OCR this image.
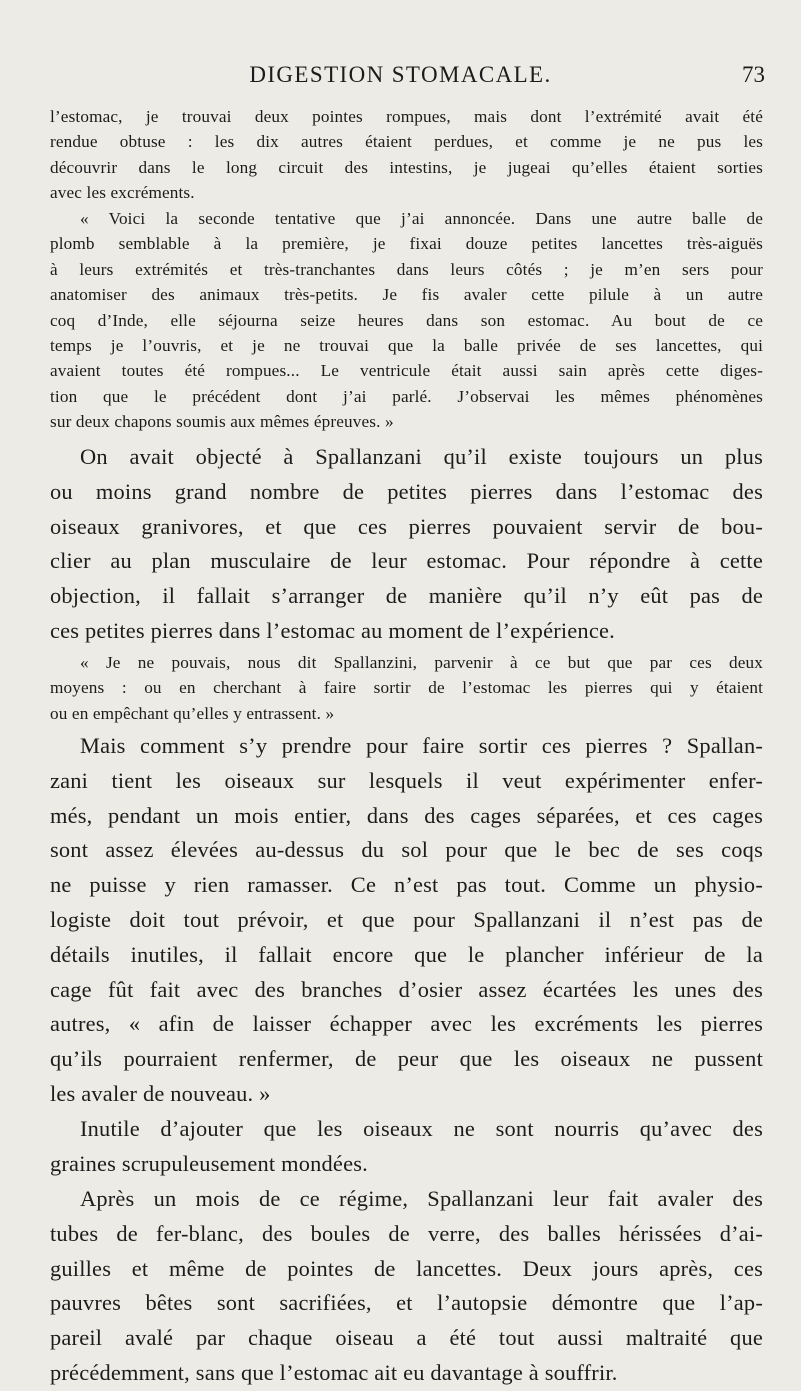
DIGESTION STOMACALE.	73
l’estomac, je trouvai deux pointes rompues, mais dont l’extrémité avait été
rendue obtuse : les dix autres étaient perdues, et comme je ne pus les
découvrir dans le long circuit des intestins, je jugeai qu’elles étaient sorties
avec les excréments.
« Voici la seconde tentative que j’ai annoncée. Dans une autre balle de
plomb semblable à la première, je fixai douze petites lancettes très-aiguës
à leurs extrémités et très-tranchantes dans leurs côtés ; je m’en sers pour
anatomiser des animaux très-petits. Je fis avaler cette pilule à un autre
coq d’Inde, elle séjourna seize heures dans son estomac. Au bout de ce
temps je l’ouvris, et je ne trouvai que la balle privée de ses lancettes, qui
avaient toutes été rompues... Le ventricule était aussi sain après cette diges-
tion que le précédent dont j’ai parlé. J’observai les mêmes phénomènes
sur deux chapons soumis aux mêmes épreuves. »
On avait objecté à Spallanzani qu’il existe toujours un plus
ou moins grand nombre de petites pierres dans l’estomac des
oiseaux granivores, et que ces pierres pouvaient servir de bou-
clier au plan musculaire de leur estomac. Pour répondre à cette
objection, il fallait s’arranger de manière qu’il n’y eût pas de
ces petites pierres dans l’estomac au moment de l’expérience.
« Je ne pouvais, nous dit Spallanzini, parvenir à ce but que par ces deux
moyens : ou en cherchant à faire sortir de l’estomac les pierres qui y étaient
ou en empêchant qu’elles y entrassent. »
Mais comment s’y prendre pour faire sortir ces pierres ? Spallan-
zani tient les oiseaux sur lesquels il veut expérimenter enfer-
més, pendant un mois entier, dans des cages séparées, et ces cages
sont assez élevées au-dessus du sol pour que le bec de ses coqs
ne puisse y rien ramasser. Ce n’est pas tout. Comme un physio-
logiste doit tout prévoir, et que pour Spallanzani il n’est pas de
détails inutiles, il fallait encore que le plancher inférieur de la
cage fût fait avec des branches d’osier assez écartées les unes des
autres, « afin de laisser échapper avec les excréments les pierres
qu’ils pourraient renfermer, de peur que les oiseaux ne pussent
les avaler de nouveau. »
Inutile d’ajouter que les oiseaux ne sont nourris qu’avec des
graines scrupuleusement mondées.
Après un mois de ce régime, Spallanzani leur fait avaler des
tubes de fer-blanc, des boules de verre, des balles hérissées d’ai-
guilles et même de pointes de lancettes. Deux jours après, ces
pauvres bêtes sont sacrifiées, et l’autopsie démontre que l’ap-
pareil avalé par chaque oiseau a été tout aussi maltraité que
précédemment, sans que l’estomac ait eu davantage à souffrir.
